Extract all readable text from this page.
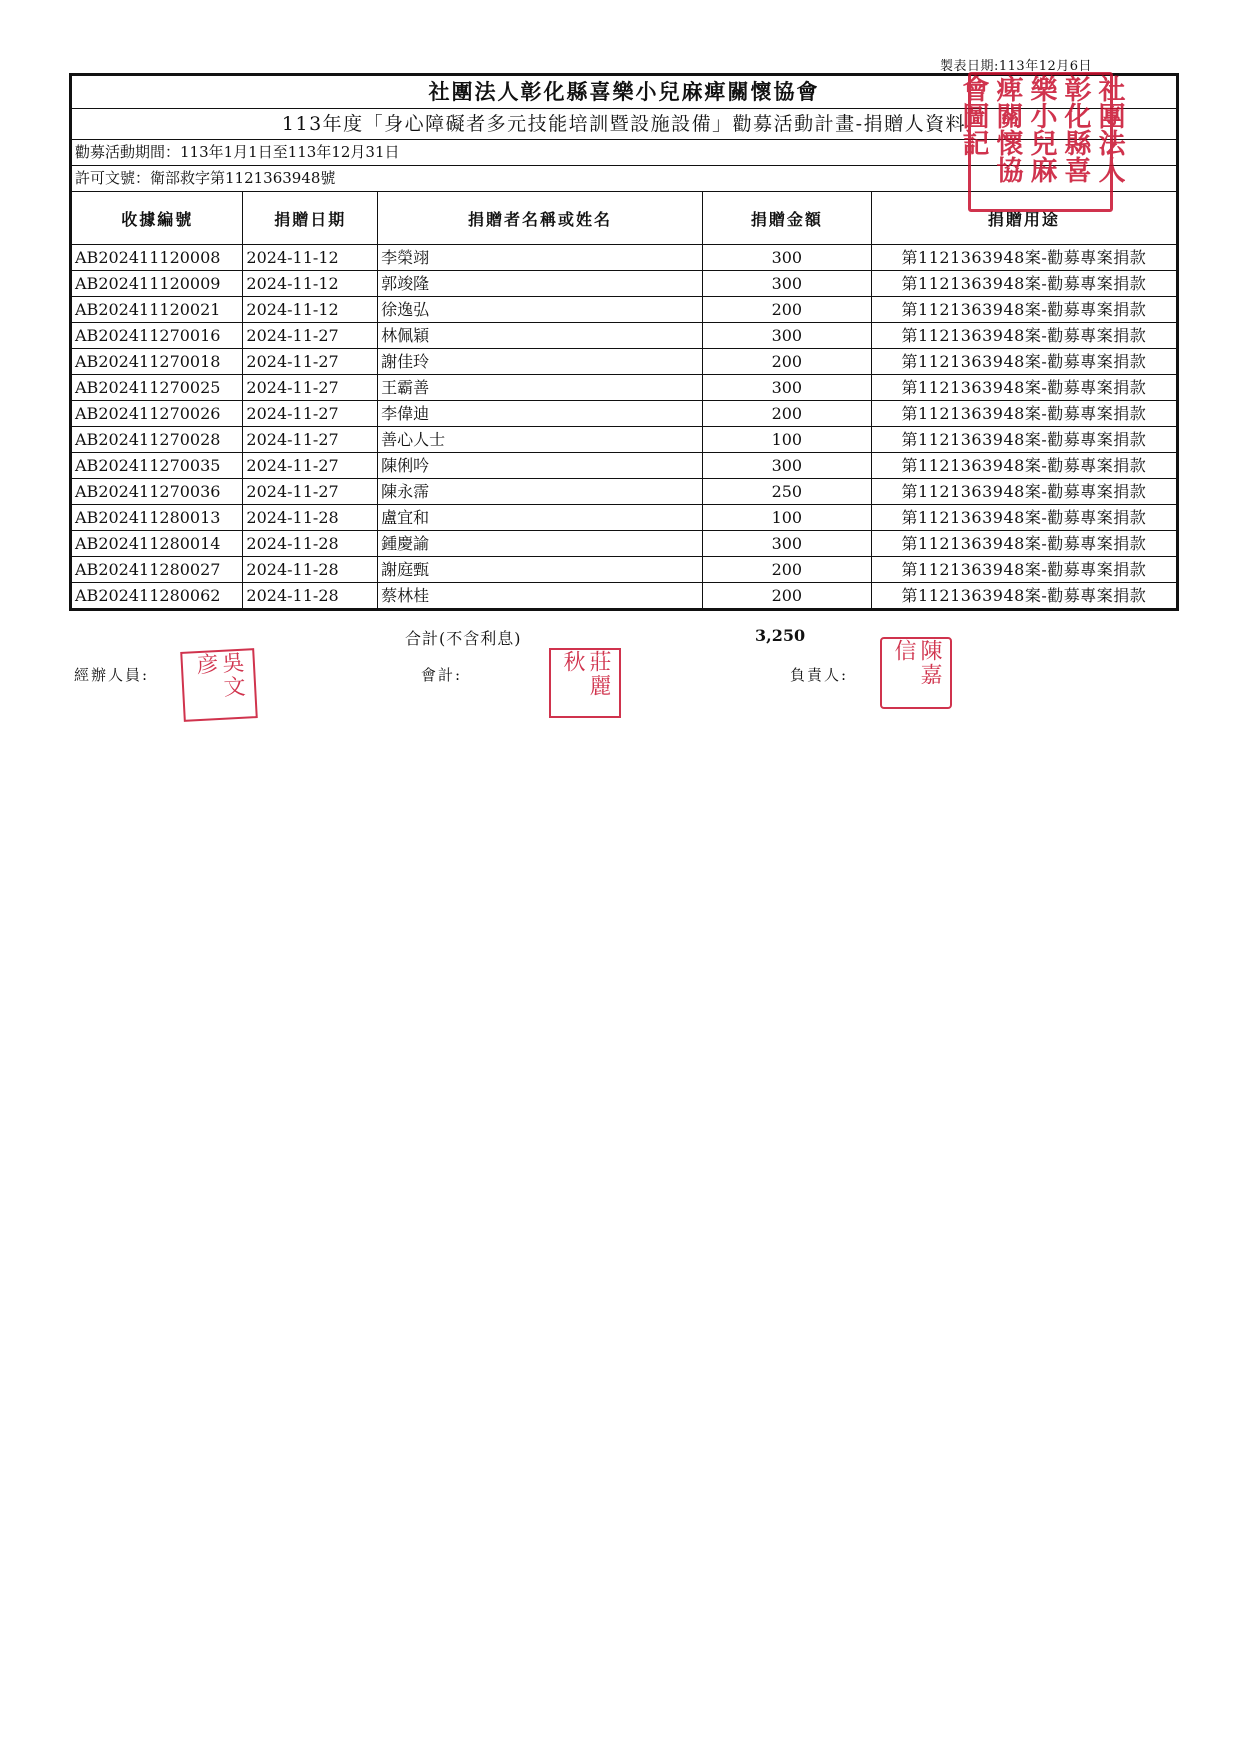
製表日期:113年12月6日
社團法人彰化縣喜樂小兒麻痺關懷協會
113年度「身心障礙者多元技能培訓暨設施設備」勸募活動計畫-捐贈人資料
勸募活動期間：113年1月1日至113年12月31日
許可文號：衛部救字第1121363948號
收據編號	捐贈日期	捐贈者名稱或姓名	捐贈金額	捐贈用途
AB202411120008	2024-11-12	李榮翊	300	第1121363948案-勸募專案捐款
AB202411120009	2024-11-12	郭竣隆	300	第1121363948案-勸募專案捐款
AB202411120021	2024-11-12	徐逸弘	200	第1121363948案-勸募專案捐款
AB202411270016	2024-11-27	林佩穎	300	第1121363948案-勸募專案捐款
AB202411270018	2024-11-27	謝佳玲	200	第1121363948案-勸募專案捐款
AB202411270025	2024-11-27	王霸善	300	第1121363948案-勸募專案捐款
AB202411270026	2024-11-27	李偉迪	200	第1121363948案-勸募專案捐款
AB202411270028	2024-11-27	善心人士	100	第1121363948案-勸募專案捐款
AB202411270035	2024-11-27	陳俐吟	300	第1121363948案-勸募專案捐款
AB202411270036	2024-11-27	陳永霈	250	第1121363948案-勸募專案捐款
AB202411280013	2024-11-28	盧宜和	100	第1121363948案-勸募專案捐款
AB202411280014	2024-11-28	鍾慶諭	300	第1121363948案-勸募專案捐款
AB202411280027	2024-11-28	謝庭甄	200	第1121363948案-勸募專案捐款
AB202411280062	2024-11-28	蔡林桂	200	第1121363948案-勸募專案捐款
合計(不含利息)	3,250
經辦人員:	會計:	負責人:
社團法人彰化縣喜樂小兒麻痺關懷協會圖記
吳文彦	莊麗秋	陳嘉信
